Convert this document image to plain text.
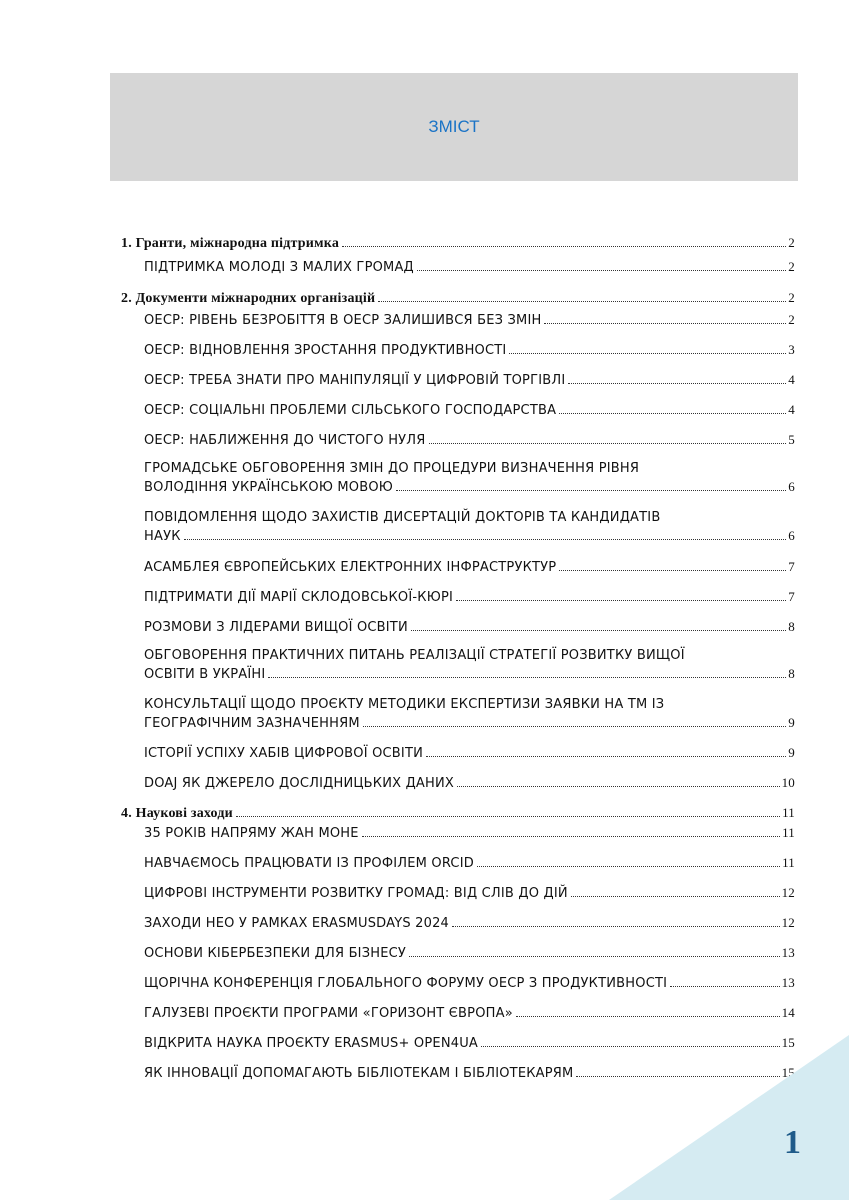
ЗМІСТ
1. Гранти, міжнародна підтримка	2
ПІДТРИМКА МОЛОДІ З МАЛИХ ГРОМАД	2
2. Документи міжнародних організацій	2
ОЕСР: РІВЕНЬ БЕЗРОБІТТЯ В ОЕСР ЗАЛИШИВСЯ БЕЗ ЗМІН	2
ОЕСР: ВІДНОВЛЕННЯ ЗРОСТАННЯ ПРОДУКТИВНОСТІ	3
ОЕСР: ТРЕБА ЗНАТИ ПРО МАНІПУЛЯЦІЇ У ЦИФРОВІЙ ТОРГІВЛІ	4
ОЕСР: СОЦІАЛЬНІ ПРОБЛЕМИ СІЛЬСЬКОГО ГОСПОДАРСТВА	4
ОЕСР: НАБЛИЖЕННЯ ДО ЧИСТОГО НУЛЯ	5
ГРОМАДСЬКЕ ОБГОВОРЕННЯ ЗМІН ДО ПРОЦЕДУРИ ВИЗНАЧЕННЯ РІВНЯ
ВОЛОДІННЯ УКРАЇНСЬКОЮ МОВОЮ	6
ПОВІДОМЛЕННЯ ЩОДО ЗАХИСТІВ ДИСЕРТАЦІЙ ДОКТОРІВ ТА КАНДИДАТІВ
НАУК	6
АСАМБЛЕЯ ЄВРОПЕЙСЬКИХ ЕЛЕКТРОННИХ ІНФРАСТРУКТУР	7
ПІДТРИМАТИ ДІЇ МАРІЇ СКЛОДОВСЬКОЇ-КЮРІ	7
РОЗМОВИ З ЛІДЕРАМИ ВИЩОЇ ОСВІТИ	8
ОБГОВОРЕННЯ ПРАКТИЧНИХ ПИТАНЬ РЕАЛІЗАЦІЇ СТРАТЕГІЇ РОЗВИТКУ ВИЩОЇ
ОСВІТИ В УКРАЇНІ	8
КОНСУЛЬТАЦІЇ ЩОДО ПРОЄКТУ МЕТОДИКИ ЕКСПЕРТИЗИ ЗАЯВКИ НА ТМ ІЗ
ГЕОГРАФІЧНИМ ЗАЗНАЧЕННЯМ	9
ІСТОРІЇ УСПІХУ ХАБІВ ЦИФРОВОЇ ОСВІТИ	9
DOAJ ЯК ДЖЕРЕЛО ДОСЛІДНИЦЬКИХ ДАНИХ	10
4. Наукові заходи	11
35 РОКІВ НАПРЯМУ ЖАН МОНЕ	11
НАВЧАЄМОСЬ ПРАЦЮВАТИ ІЗ ПРОФІЛЕМ ORCID	11
ЦИФРОВІ ІНСТРУМЕНТИ РОЗВИТКУ ГРОМАД: ВІД СЛІВ ДО ДІЙ	12
ЗАХОДИ НЕО У РАМКАХ ERASMUSDAYS 2024	12
ОСНОВИ КІБЕРБЕЗПЕКИ ДЛЯ БІЗНЕСУ	13
ЩОРІЧНА КОНФЕРЕНЦІЯ ГЛОБАЛЬНОГО ФОРУМУ ОЕСР З ПРОДУКТИВНОСТІ	13
ГАЛУЗЕВІ ПРОЄКТИ ПРОГРАМИ «ГОРИЗОНТ ЄВРОПА»	14
ВІДКРИТА НАУКА ПРОЄКТУ ERASMUS+ OPEN4UA	15
ЯК ІННОВАЦІЇ ДОПОМАГАЮТЬ БІБЛІОТЕКАМ І БІБЛІОТЕКАРЯМ	15
1
